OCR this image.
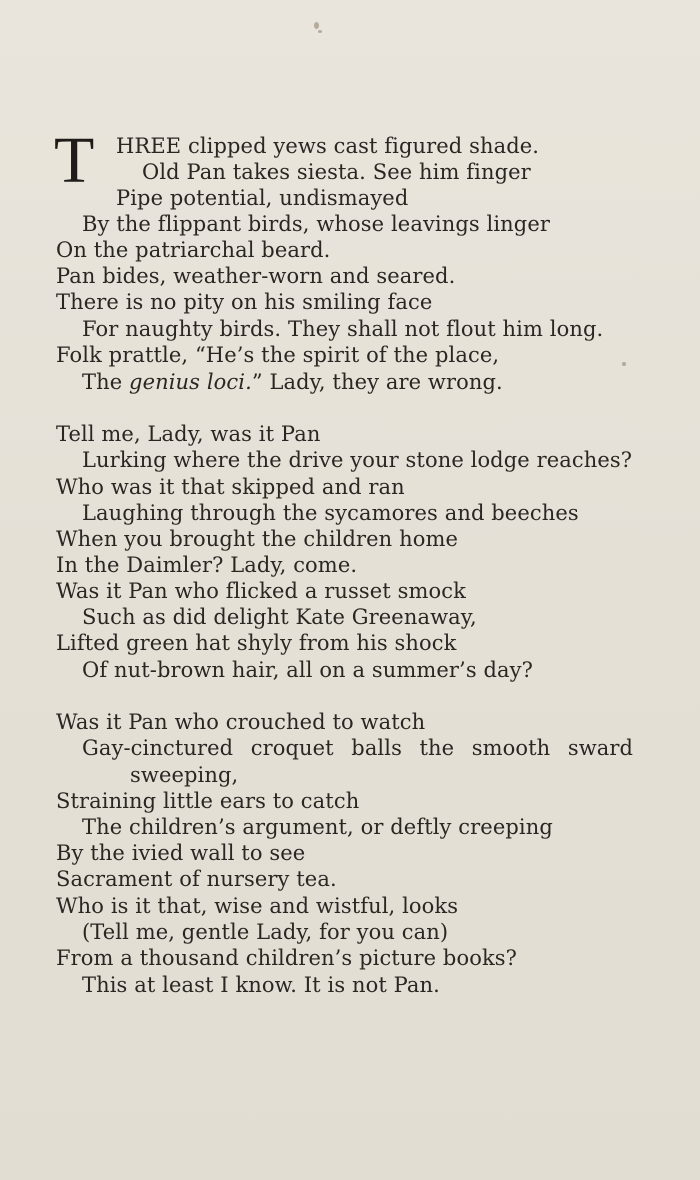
T HREE clipped yews cast figured shade.
Old Pan takes siesta. See him finger
Pipe potential, undismayed
By the flippant birds, whose leavings linger
On the patriarchal beard.
Pan bides, weather-worn and seared.
There is no pity on his smiling face
For naughty birds. They shall not flout him long.
Folk prattle, “He’s the spirit of the place,
The genius loci.” Lady, they are wrong.
Tell me, Lady, was it Pan
Lurking where the drive your stone lodge reaches?
Who was it that skipped and ran
Laughing through the sycamores and beeches
When you brought the children home
In the Daimler? Lady, come.
Was it Pan who flicked a russet smock
Such as did delight Kate Greenaway,
Lifted green hat shyly from his shock
Of nut-brown hair, all on a summer’s day?
Was it Pan who crouched to watch
Gay-cinctured  croquet  balls  the  smooth  sward
sweeping,
Straining little ears to catch
The children’s argument, or deftly creeping
By the ivied wall to see
Sacrament of nursery tea.
Who is it that, wise and wistful, looks
(Tell me, gentle Lady, for you can)
From a thousand children’s picture books?
This at least I know. It is not Pan.
